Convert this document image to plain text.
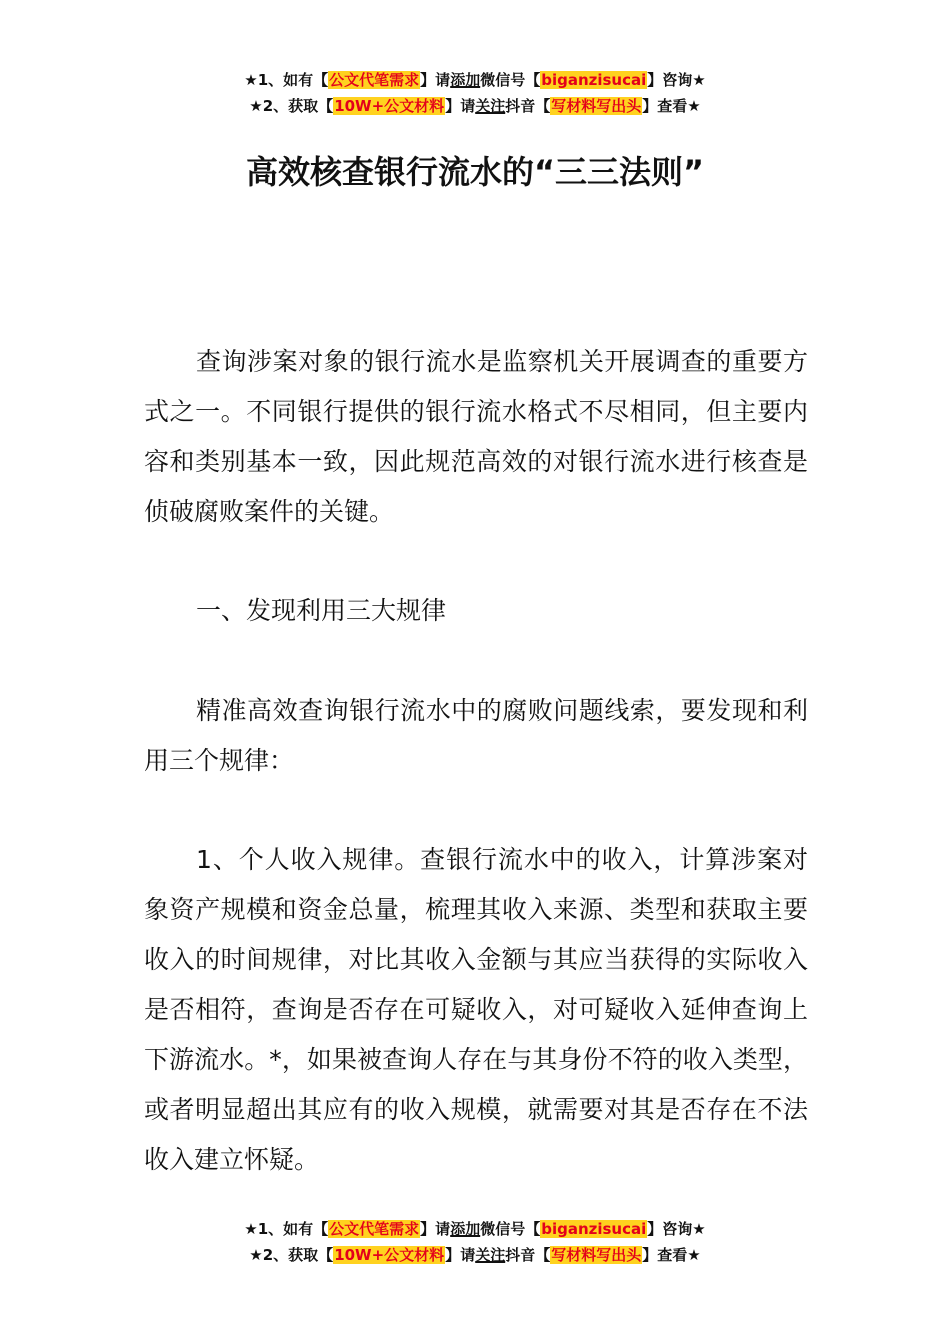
★1、如有【公文代笔需求】请添加微信号【biganzisucai】咨询★
★2、获取【10W+公文材料】请关注抖音【写材料写出头】查看★
高效核查银行流水的“三三法则”

查询涉案对象的银行流水是监察机关开展调查的重要方式之一。不同银行提供的银行流水格式不尽相同，但主要内容和类别基本一致，因此规范高效的对银行流水进行核查是侦破腐败案件的关键。

一、发现利用三大规律

精准高效查询银行流水中的腐败问题线索，要发现和利用三个规律：

1、个人收入规律。查银行流水中的收入，计算涉案对象资产规模和资金总量，梳理其收入来源、类型和获取主要收入的时间规律，对比其收入金额与其应当获得的实际收入是否相符，查询是否存在可疑收入，对可疑收入延伸查询上下游流水。*，如果被查询人存在与其身份不符的收入类型，或者明显超出其应有的收入规模，就需要对其是否存在不法收入建立怀疑。

★1、如有【公文代笔需求】请添加微信号【biganzisucai】咨询★
★2、获取【10W+公文材料】请关注抖音【写材料写出头】查看★
